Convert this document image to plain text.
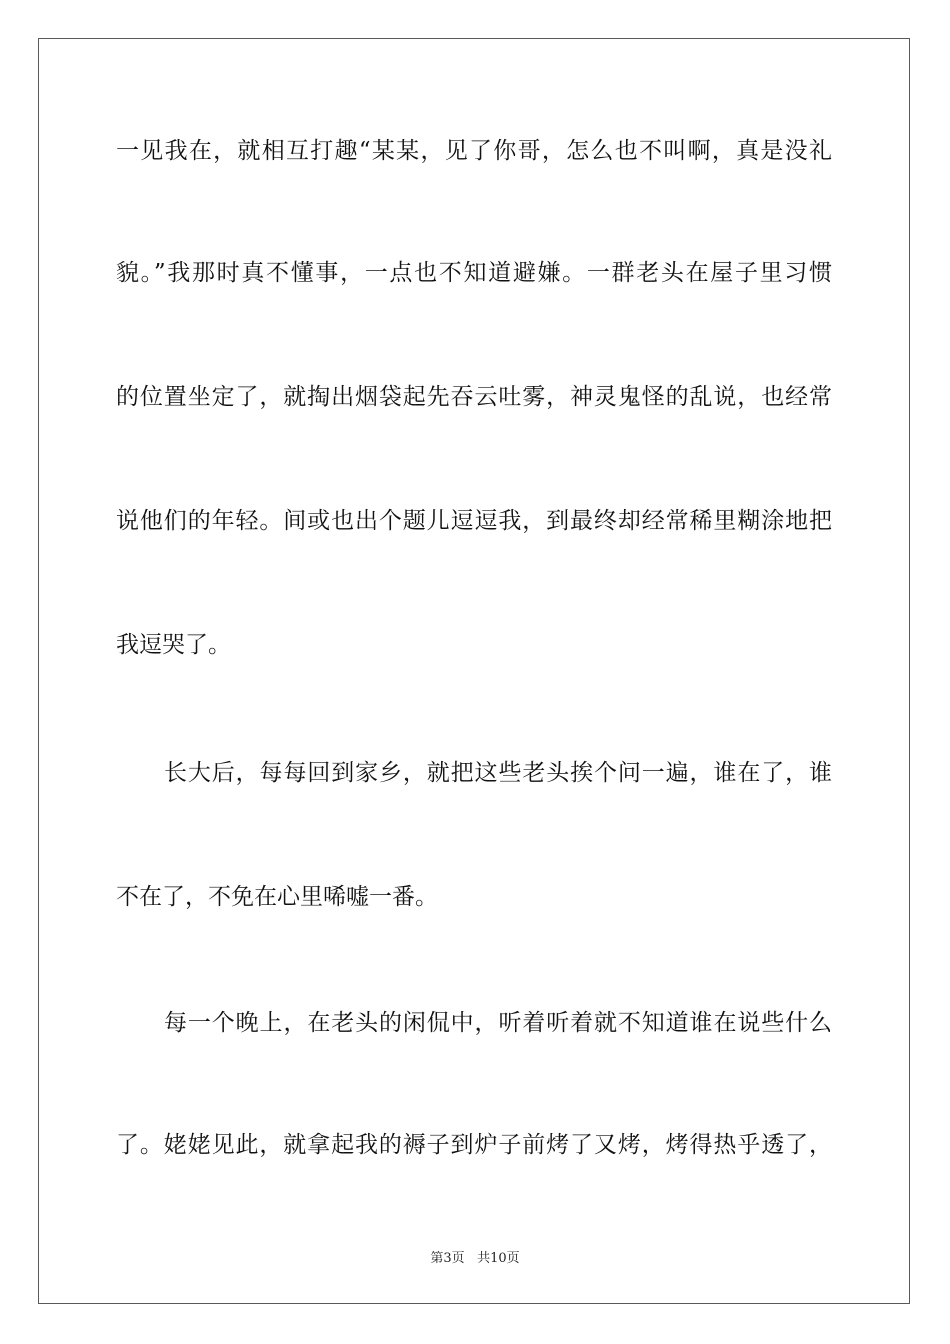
一见我在，就相互打趣“某某，见了你哥，怎么也不叫啊，真是没礼
貌。”我那时真不懂事，一点也不知道避嫌。一群老头在屋子里习惯
的位置坐定了，就掏出烟袋起先吞云吐雾，神灵鬼怪的乱说，也经常
说他们的年轻。间或也出个题儿逗逗我，到最终却经常稀里糊涂地把
我逗哭了。
长大后，每每回到家乡，就把这些老头挨个问一遍，谁在了，谁
不在了，不免在心里唏嘘一番。
每一个晚上，在老头的闲侃中，听着听着就不知道谁在说些什么
了。姥姥见此，就拿起我的褥子到炉子前烤了又烤，烤得热乎透了，
第3页 共10页
